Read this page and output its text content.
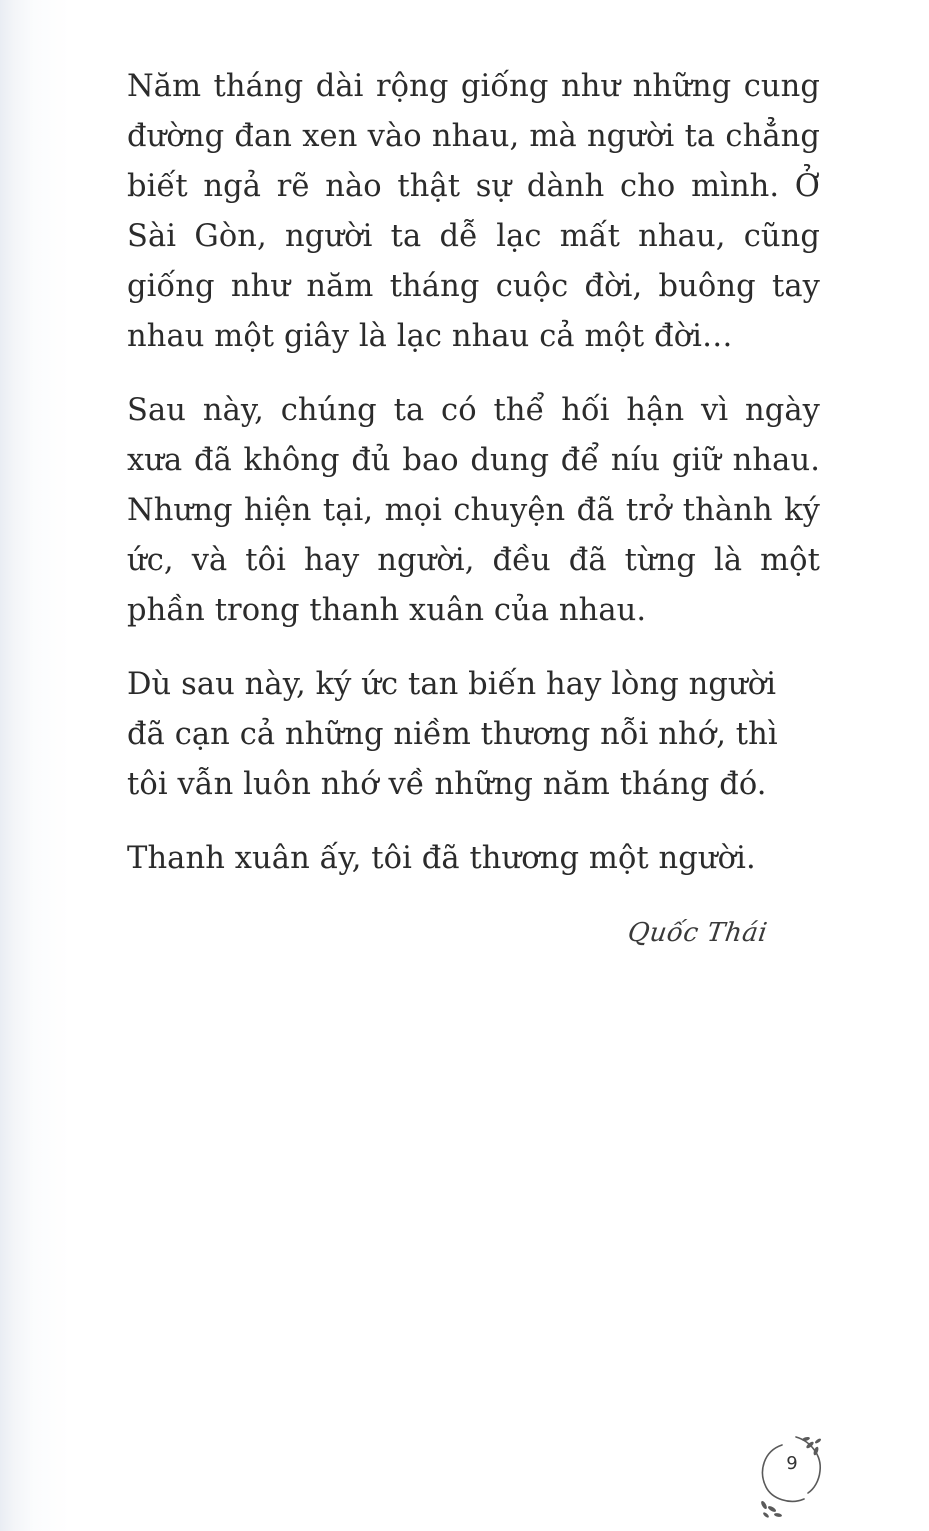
Năm tháng dài rộng giống như những cung đường đan xen vào nhau, mà người ta chẳng biết ngả rẽ nào thật sự dành cho mình. Ở Sài Gòn, người ta dễ lạc mất nhau, cũng giống như năm tháng cuộc đời, buông tay nhau một giây là lạc nhau cả một đời…

Sau này, chúng ta có thể hối hận vì ngày xưa đã không đủ bao dung để níu giữ nhau. Nhưng hiện tại, mọi chuyện đã trở thành ký ức, và tôi hay người, đều đã từng là một phần trong thanh xuân của nhau.

Dù sau này, ký ức tan biến hay lòng người đã cạn cả những niềm thương nỗi nhớ, thì tôi vẫn luôn nhớ về những năm tháng đó.

Thanh xuân ấy, tôi đã thương một người.

Quốc Thái
9
